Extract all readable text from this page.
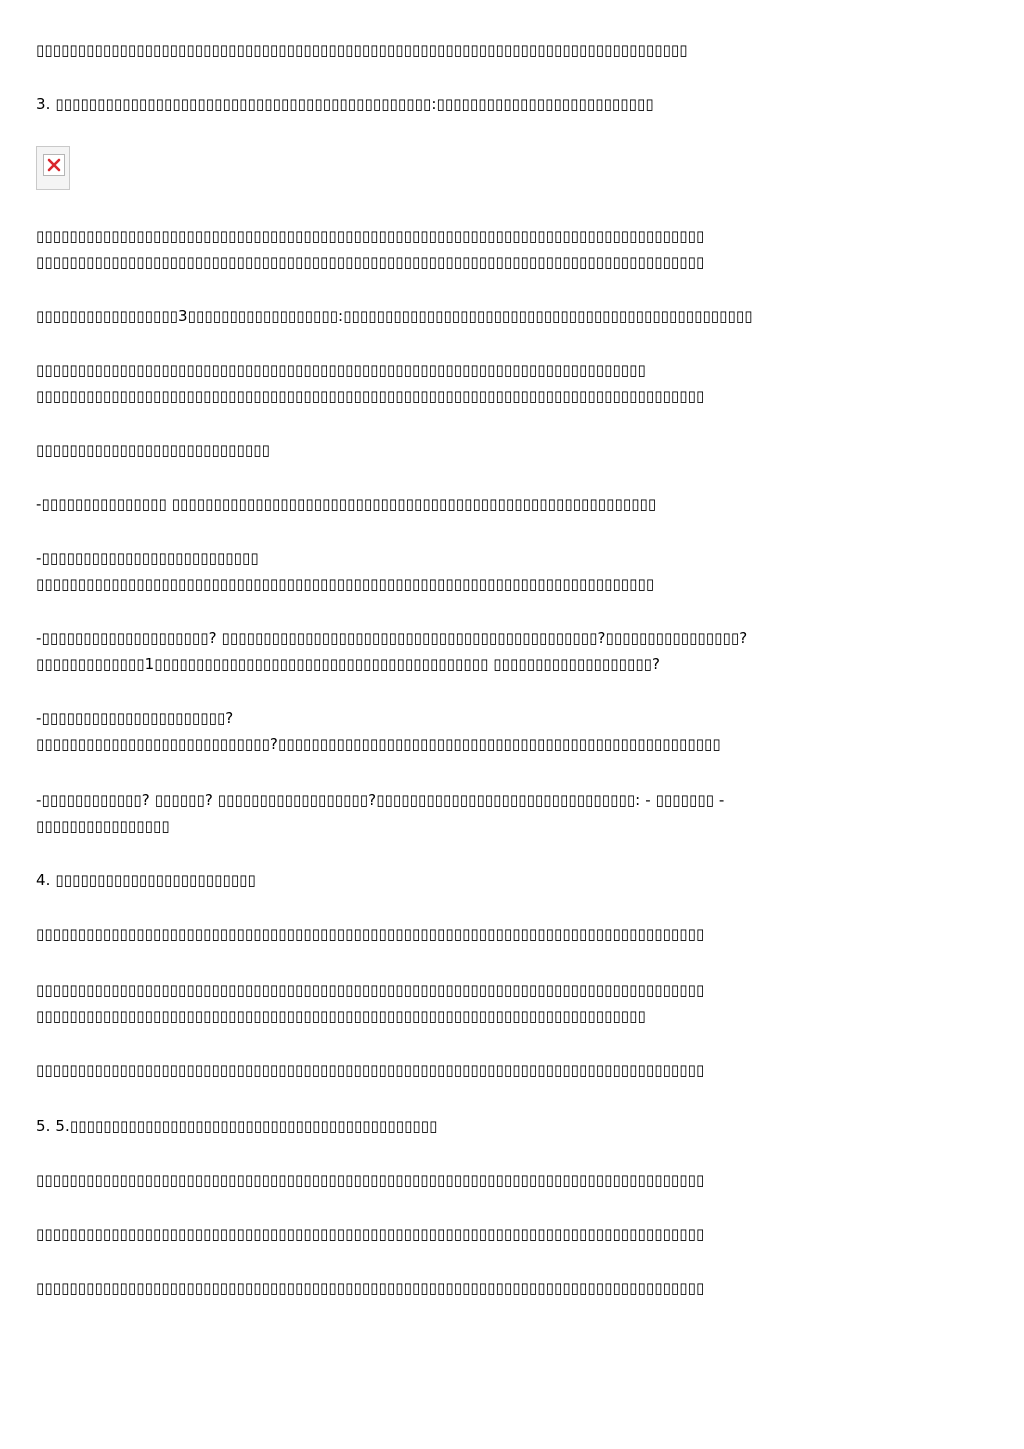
▯▯▯▯▯▯▯▯▯▯▯▯▯▯▯▯▯▯▯▯▯▯▯▯▯▯▯▯▯▯▯▯▯▯▯▯▯▯▯▯▯▯▯▯▯▯▯▯▯▯▯▯▯▯▯▯▯▯▯▯▯▯▯▯▯▯▯▯▯▯▯▯▯▯▯▯▯▯
3. ▯▯▯▯▯▯▯▯▯▯▯▯▯▯▯▯▯▯▯▯▯▯▯▯▯▯▯▯▯▯▯▯▯▯▯▯▯▯▯▯▯▯▯▯▯:▯▯▯▯▯▯▯▯▯▯▯▯▯▯▯▯▯▯▯▯▯▯▯▯▯▯
▯▯▯▯▯▯▯▯▯▯▯▯▯▯▯▯▯▯▯▯▯▯▯▯▯▯▯▯▯▯▯▯▯▯▯▯▯▯▯▯▯▯▯▯▯▯▯▯▯▯▯▯▯▯▯▯▯▯▯▯▯▯▯▯▯▯▯▯▯▯▯▯▯▯▯▯▯▯▯▯
▯▯▯▯▯▯▯▯▯▯▯▯▯▯▯▯▯▯▯▯▯▯▯▯▯▯▯▯▯▯▯▯▯▯▯▯▯▯▯▯▯▯▯▯▯▯▯▯▯▯▯▯▯▯▯▯▯▯▯▯▯▯▯▯▯▯▯▯▯▯▯▯▯▯▯▯▯▯▯▯
▯▯▯▯▯▯▯▯▯▯▯▯▯▯▯▯▯3▯▯▯▯▯▯▯▯▯▯▯▯▯▯▯▯▯▯:▯▯▯▯▯▯▯▯▯▯▯▯▯▯▯▯▯▯▯▯▯▯▯▯▯▯▯▯▯▯▯▯▯▯▯▯▯▯▯▯▯▯▯▯▯▯▯▯▯
▯▯▯▯▯▯▯▯▯▯▯▯▯▯▯▯▯▯▯▯▯▯▯▯▯▯▯▯▯▯▯▯▯▯▯▯▯▯▯▯▯▯▯▯▯▯▯▯▯▯▯▯▯▯▯▯▯▯▯▯▯▯▯▯▯▯▯▯▯▯▯▯▯
▯▯▯▯▯▯▯▯▯▯▯▯▯▯▯▯▯▯▯▯▯▯▯▯▯▯▯▯▯▯▯▯▯▯▯▯▯▯▯▯▯▯▯▯▯▯▯▯▯▯▯▯▯▯▯▯▯▯▯▯▯▯▯▯▯▯▯▯▯▯▯▯▯▯▯▯▯▯▯▯
▯▯▯▯▯▯▯▯▯▯▯▯▯▯▯▯▯▯▯▯▯▯▯▯▯▯▯▯
-▯▯▯▯▯▯▯▯▯▯▯▯▯▯▯ ▯▯▯▯▯▯▯▯▯▯▯▯▯▯▯▯▯▯▯▯▯▯▯▯▯▯▯▯▯▯▯▯▯▯▯▯▯▯▯▯▯▯▯▯▯▯▯▯▯▯▯▯▯▯▯▯▯▯
-▯▯▯▯▯▯▯▯▯▯▯▯▯▯▯▯▯▯▯▯▯▯▯▯▯▯
▯▯▯▯▯▯▯▯▯▯▯▯▯▯▯▯▯▯▯▯▯▯▯▯▯▯▯▯▯▯▯▯▯▯▯▯▯▯▯▯▯▯▯▯▯▯▯▯▯▯▯▯▯▯▯▯▯▯▯▯▯▯▯▯▯▯▯▯▯▯▯▯▯▯
-▯▯▯▯▯▯▯▯▯▯▯▯▯▯▯▯▯▯▯▯? ▯▯▯▯▯▯▯▯▯▯▯▯▯▯▯▯▯▯▯▯▯▯▯▯▯▯▯▯▯▯▯▯▯▯▯▯▯▯▯▯▯▯▯▯▯?▯▯▯▯▯▯▯▯▯▯▯▯▯▯▯▯?
▯▯▯▯▯▯▯▯▯▯▯▯▯1▯▯▯▯▯▯▯▯▯▯▯▯▯▯▯▯▯▯▯▯▯▯▯▯▯▯▯▯▯▯▯▯▯▯▯▯▯▯▯▯ ▯▯▯▯▯▯▯▯▯▯▯▯▯▯▯▯▯▯▯?
-▯▯▯▯▯▯▯▯▯▯▯▯▯▯▯▯▯▯▯▯▯▯?
▯▯▯▯▯▯▯▯▯▯▯▯▯▯▯▯▯▯▯▯▯▯▯▯▯▯▯▯?▯▯▯▯▯▯▯▯▯▯▯▯▯▯▯▯▯▯▯▯▯▯▯▯▯▯▯▯▯▯▯▯▯▯▯▯▯▯▯▯▯▯▯▯▯▯▯▯▯▯▯▯▯
-▯▯▯▯▯▯▯▯▯▯▯▯? ▯▯▯▯▯▯? ▯▯▯▯▯▯▯▯▯▯▯▯▯▯▯▯▯▯?▯▯▯▯▯▯▯▯▯▯▯▯▯▯▯▯▯▯▯▯▯▯▯▯▯▯▯▯▯▯▯: - ▯▯▯▯▯▯▯ -
▯▯▯▯▯▯▯▯▯▯▯▯▯▯▯▯
4. ▯▯▯▯▯▯▯▯▯▯▯▯▯▯▯▯▯▯▯▯▯▯▯▯
▯▯▯▯▯▯▯▯▯▯▯▯▯▯▯▯▯▯▯▯▯▯▯▯▯▯▯▯▯▯▯▯▯▯▯▯▯▯▯▯▯▯▯▯▯▯▯▯▯▯▯▯▯▯▯▯▯▯▯▯▯▯▯▯▯▯▯▯▯▯▯▯▯▯▯▯▯▯▯▯
▯▯▯▯▯▯▯▯▯▯▯▯▯▯▯▯▯▯▯▯▯▯▯▯▯▯▯▯▯▯▯▯▯▯▯▯▯▯▯▯▯▯▯▯▯▯▯▯▯▯▯▯▯▯▯▯▯▯▯▯▯▯▯▯▯▯▯▯▯▯▯▯▯▯▯▯▯▯▯▯
▯▯▯▯▯▯▯▯▯▯▯▯▯▯▯▯▯▯▯▯▯▯▯▯▯▯▯▯▯▯▯▯▯▯▯▯▯▯▯▯▯▯▯▯▯▯▯▯▯▯▯▯▯▯▯▯▯▯▯▯▯▯▯▯▯▯▯▯▯▯▯▯▯
▯▯▯▯▯▯▯▯▯▯▯▯▯▯▯▯▯▯▯▯▯▯▯▯▯▯▯▯▯▯▯▯▯▯▯▯▯▯▯▯▯▯▯▯▯▯▯▯▯▯▯▯▯▯▯▯▯▯▯▯▯▯▯▯▯▯▯▯▯▯▯▯▯▯▯▯▯▯▯▯
5. 5.▯▯▯▯▯▯▯▯▯▯▯▯▯▯▯▯▯▯▯▯▯▯▯▯▯▯▯▯▯▯▯▯▯▯▯▯▯▯▯▯▯▯▯▯
▯▯▯▯▯▯▯▯▯▯▯▯▯▯▯▯▯▯▯▯▯▯▯▯▯▯▯▯▯▯▯▯▯▯▯▯▯▯▯▯▯▯▯▯▯▯▯▯▯▯▯▯▯▯▯▯▯▯▯▯▯▯▯▯▯▯▯▯▯▯▯▯▯▯▯▯▯▯▯▯
▯▯▯▯▯▯▯▯▯▯▯▯▯▯▯▯▯▯▯▯▯▯▯▯▯▯▯▯▯▯▯▯▯▯▯▯▯▯▯▯▯▯▯▯▯▯▯▯▯▯▯▯▯▯▯▯▯▯▯▯▯▯▯▯▯▯▯▯▯▯▯▯▯▯▯▯▯▯▯▯
▯▯▯▯▯▯▯▯▯▯▯▯▯▯▯▯▯▯▯▯▯▯▯▯▯▯▯▯▯▯▯▯▯▯▯▯▯▯▯▯▯▯▯▯▯▯▯▯▯▯▯▯▯▯▯▯▯▯▯▯▯▯▯▯▯▯▯▯▯▯▯▯▯▯▯▯▯▯▯▯
